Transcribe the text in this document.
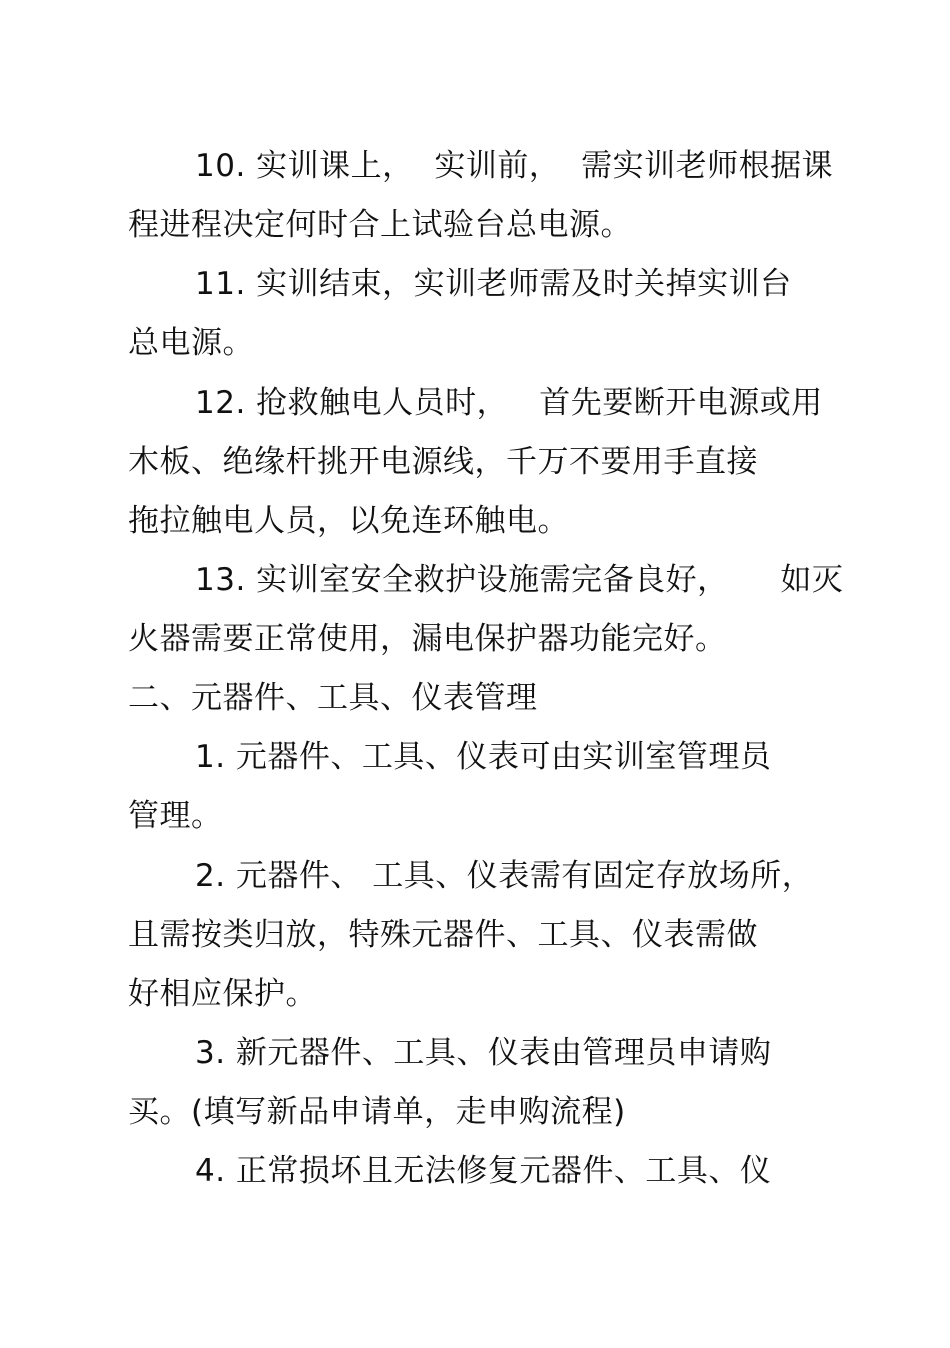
10. 实训课上，  实训前，  需实训老师根据课

程进程决定何时合上试验台总电源。

11. 实训结束，实训老师需及时关掉实训台

总电源。

12. 抢救触电人员时，   首先要断开电源或用

木板、绝缘杆挑开电源线，千万不要用手直接

拖拉触电人员，以免连环触电。

13. 实训室安全救护设施需完备良好，     如灭

火器需要正常使用，漏电保护器功能完好。

二、元器件、工具、仪表管理

1. 元器件、工具、仪表可由实训室管理员

管理。

2. 元器件、 工具、仪表需有固定存放场所，

且需按类归放，特殊元器件、工具、仪表需做

好相应保护。

3. 新元器件、工具、仪表由管理员申请购

买。(填写新品申请单，走申购流程)

4. 正常损坏且无法修复元器件、工具、仪
